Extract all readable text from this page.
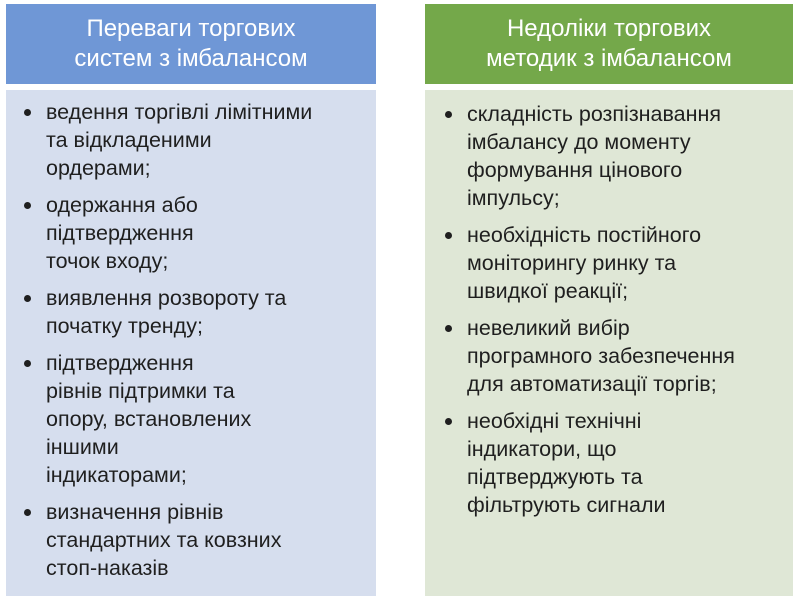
Переваги торгових
систем з імбалансом
ведення торгівлі лімітними
та відкладеними
ордерами;
одержання або
підтвердження
точок входу;
виявлення розвороту та
початку тренду;
підтвердження
рівнів підтримки та
опору, встановлених
іншими
індикаторами;
визначення рівнів
стандартних та ковзних
стоп-наказів
Недоліки торгових
методик з імбалансом
складність розпізнавання
імбалансу до моменту
формування цінового
імпульсу;
необхідність постійного
моніторингу ринку та
швидкої реакції;
невеликий вибір
програмного забезпечення
для автоматизації торгів;
необхідні технічні
індикатори, що
підтверджують та
фільтрують сигнали
